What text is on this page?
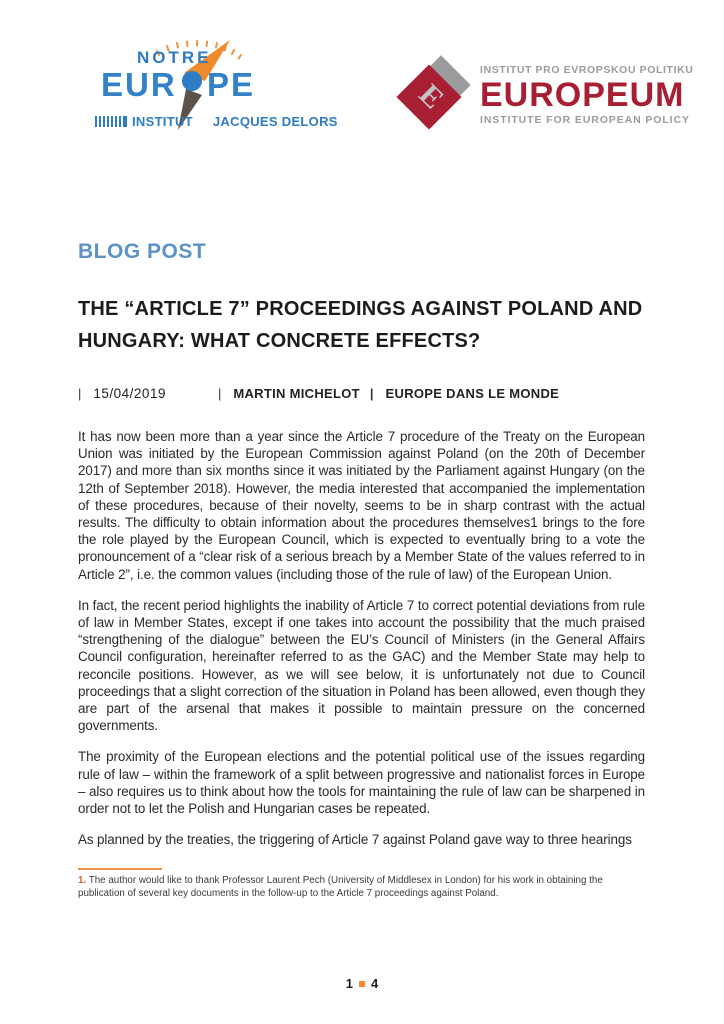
NOTRE
EUR PE
INSTITUT JACQUES DELORS
E
INSTITUT PRO EVROPSKOU POLITIKU
EUROPEUM
INSTITUTE FOR EUROPEAN POLICY
BLOG POST
THE “ARTICLE 7” PROCEEDINGS AGAINST POLAND AND HUNGARY: WHAT CONCRETE EFFECTS?
| 15/04/2019	| MARTIN MICHELOT | EUROPE DANS LE MONDE

It has now been more than a year since the Article 7 procedure of the Treaty on the European Union was initiated by the European Commission against Poland (on the 20th of December 2017) and more than six months since it was initiated by the Parliament against Hungary (on the 12th of September 2018). However, the media interested that accompanied the implementation of these procedures, because of their novelty, seems to be in sharp contrast with the actual results. The difficulty to obtain information about the procedures themselves1 brings to the fore the role played by the European Council, which is expected to eventually bring to a vote the pronouncement of a “clear risk of a serious breach by a Member State of the values referred to in Article 2”, i.e. the common values (including those of the rule of law) of the European Union.

In fact, the recent period highlights the inability of Article 7 to correct potential deviations from rule of law in Member States, except if one takes into account the possibility that the much praised “strengthening of the dialogue” between the EU’s Council of Ministers (in the General Affairs Council configuration, hereinafter referred to as the GAC) and the Member State may help to reconcile positions. However, as we will see below, it is unfortunately not due to Council proceedings that a slight correction of the situation in Poland has been allowed, even though they are part of the arsenal that makes it possible to maintain pressure on the concerned governments.

The proximity of the European elections and the potential political use of the issues regarding rule of law – within the framework of a split between progressive and nationalist forces in Europe – also requires us to think about how the tools for maintaining the rule of law can be sharpened in order not to let the Polish and Hungarian cases be repeated.

As planned by the treaties, the triggering of Article 7 against Poland gave way to three hearings

1. The author would like to thank Professor Laurent Pech (University of Middlesex in London) for his work in obtaining the publication of several key documents in the follow-up to the Article 7 proceedings against Poland.
1 4
